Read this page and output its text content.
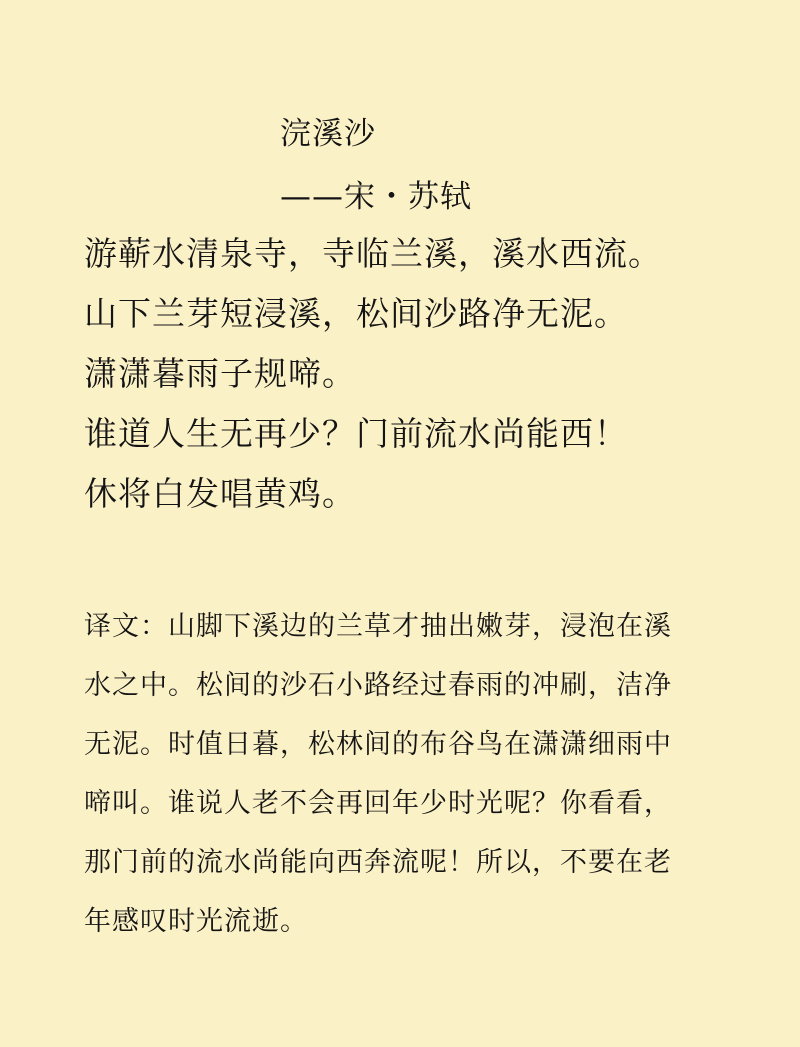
浣溪沙
——宋・苏轼
游蕲水清泉寺，寺临兰溪，溪水西流。
山下兰芽短浸溪，松间沙路净无泥。
潇潇暮雨子规啼。
谁道人生无再少？门前流水尚能西！
休将白发唱黄鸡。
译文：山脚下溪边的兰草才抽出嫩芽，浸泡在溪
水之中。松间的沙石小路经过春雨的冲刷，洁净
无泥。时值日暮，松林间的布谷鸟在潇潇细雨中
啼叫。谁说人老不会再回年少时光呢？你看看，
那门前的流水尚能向西奔流呢！所以，不要在老
年感叹时光流逝。
